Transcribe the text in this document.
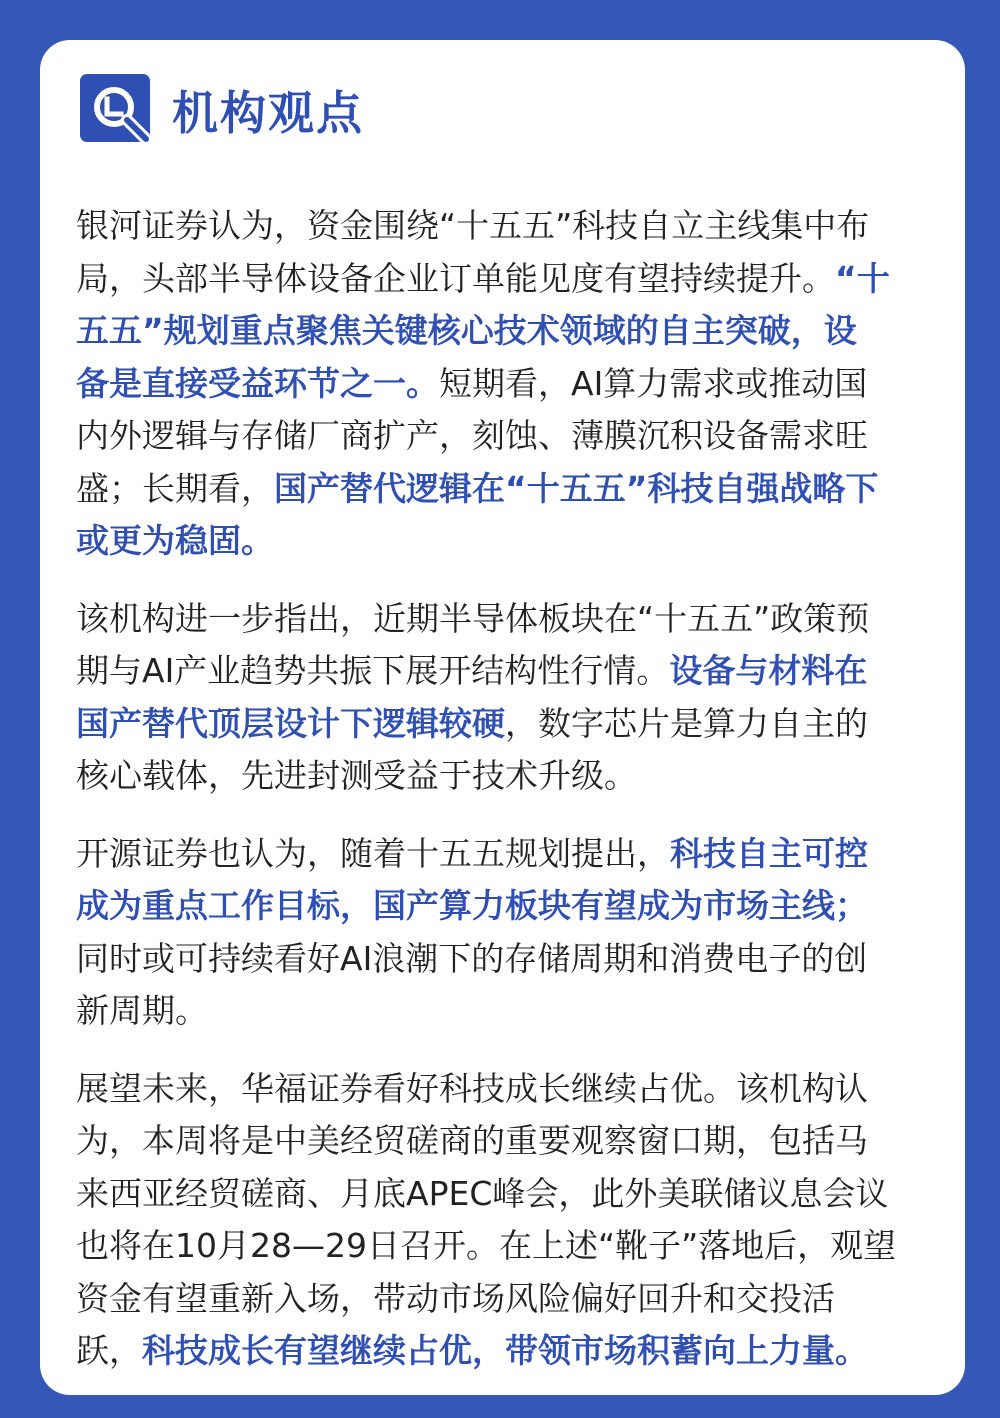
机构观点

银河证券认为，资金围绕“十五五”科技自立主线集中布
局，头部半导体设备企业订单能见度有望持续提升。“十
五五”规划重点聚焦关键核心技术领域的自主突破，设
备是直接受益环节之一。短期看，AI算力需求或推动国
内外逻辑与存储厂商扩产，刻蚀、薄膜沉积设备需求旺
盛；长期看，国产替代逻辑在“十五五”科技自强战略下
或更为稳固。

该机构进一步指出，近期半导体板块在“十五五”政策预
期与AI产业趋势共振下展开结构性行情。设备与材料在
国产替代顶层设计下逻辑较硬，数字芯片是算力自主的
核心载体，先进封测受益于技术升级。

开源证券也认为，随着十五五规划提出，科技自主可控
成为重点工作目标，国产算力板块有望成为市场主线；
同时或可持续看好AI浪潮下的存储周期和消费电子的创
新周期。

展望未来，华福证券看好科技成长继续占优。该机构认
为，本周将是中美经贸磋商的重要观察窗口期，包括马
来西亚经贸磋商、月底APEC峰会，此外美联储议息会议
也将在10月28—29日召开。在上述“靴子”落地后，观望
资金有望重新入场，带动市场风险偏好回升和交投活
跃，科技成长有望继续占优，带领市场积蓄向上力量。
